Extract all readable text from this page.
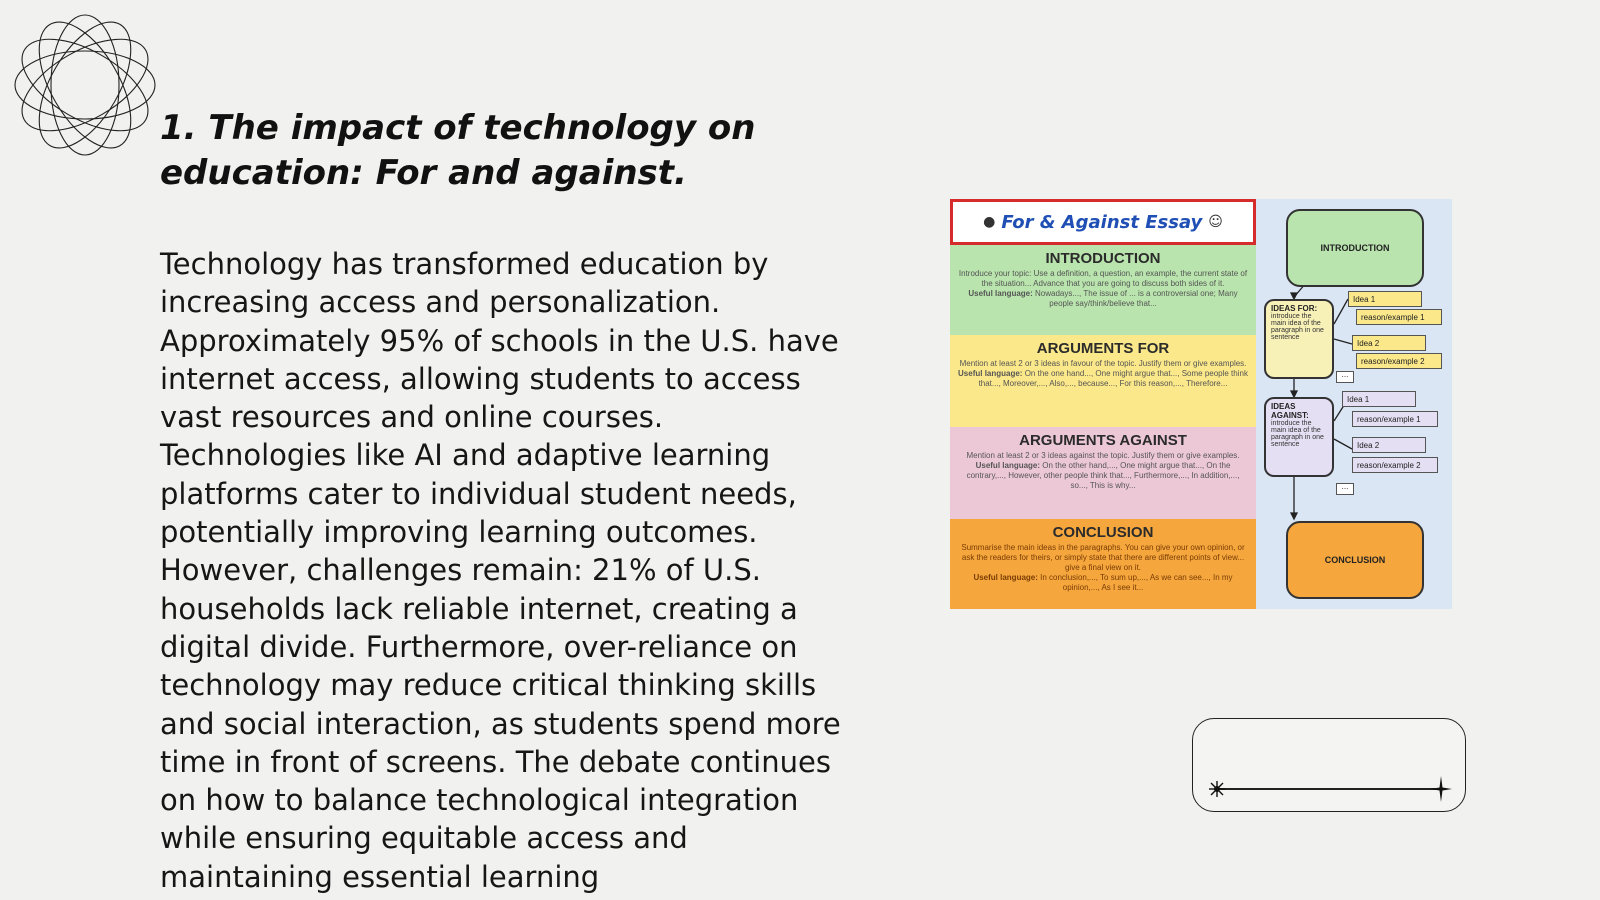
1. The impact of technology on education: For and against.

Technology has transformed education by increasing access and personalization. Approximately 95% of schools in the U.S. have internet access, allowing students to access vast resources and online courses. Technologies like AI and adaptive learning platforms cater to individual student needs, potentially improving learning outcomes. However, challenges remain: 21% of U.S. households lack reliable internet, creating a digital divide. Furthermore, over-reliance on technology may reduce critical thinking skills and social interaction, as students spend more time in front of screens. The debate continues on how to balance technological integration while ensuring equitable access and maintaining essential learning

● For & Against Essay ☺
INTRODUCTION

Introduce your topic: Use a definition, a question, an example, the current state of the situation... Advance that you are going to discuss both sides of it.

Useful language: Nowadays..., The issue of ... is a controversial one; Many people say/think/believe that...

ARGUMENTS FOR

Mention at least 2 or 3 ideas in favour of the topic. Justify them or give examples.

Useful language: On the one hand..., One might argue that..., Some people think that..., Moreover,..., Also,..., because..., For this reason,..., Therefore...

ARGUMENTS AGAINST

Mention at least 2 or 3 ideas against the topic. Justify them or give examples.

Useful language: On the other hand,..., One might argue that..., On the contrary,..., However, other people think that..., Furthermore,..., In addition,..., so..., This is why...

CONCLUSION

Summarise the main ideas in the paragraphs. You can give your own opinion, or ask the readers for theirs, or simply state that there are different points of view... give a final view on it.

Useful language: In conclusion,..., To sum up,..., As we can see..., In my opinion,..., As I see it...

INTRODUCTION
IDEAS FOR:
introduce the main idea of the paragraph in one sentence
Idea 1
reason/example 1
Idea 2
reason/example 2
...
IDEAS AGAINST:
introduce the main idea of the paragraph in one sentence
Idea 1
reason/example 1
Idea 2
reason/example 2
...
CONCLUSION
